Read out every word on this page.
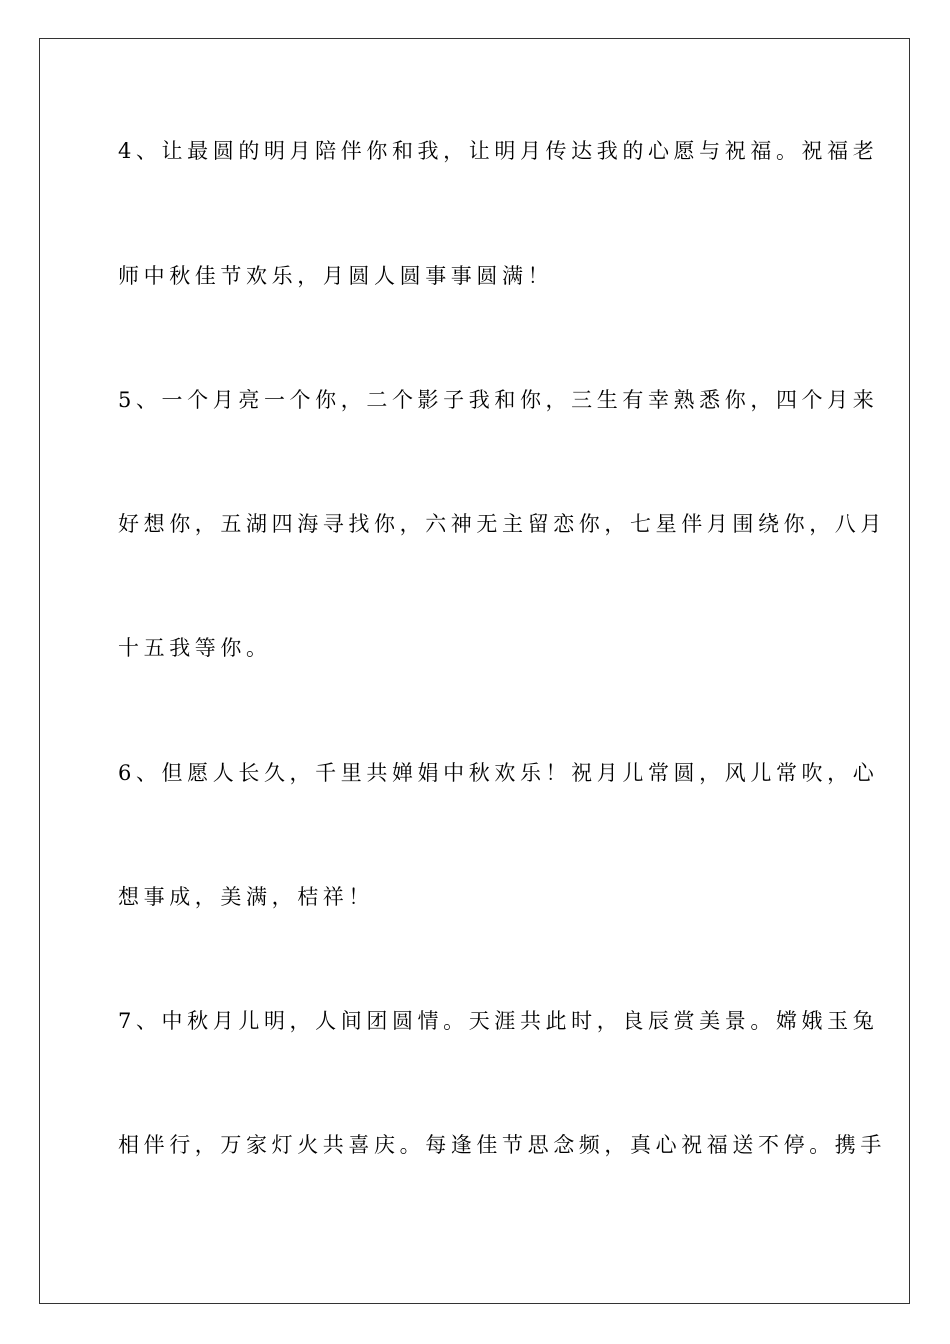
4、让最圆的明月陪伴你和我，让明月传达我的心愿与祝福。祝福老

师中秋佳节欢乐，月圆人圆事事圆满！

5、一个月亮一个你，二个影子我和你，三生有幸熟悉你，四个月来

好想你，五湖四海寻找你，六神无主留恋你，七星伴月围绕你，八月

十五我等你。

6、但愿人长久，千里共婵娟中秋欢乐！祝月儿常圆，风儿常吹，心

想事成，美满，桔祥！

7、中秋月儿明，人间团圆情。天涯共此时，良辰赏美景。嫦娥玉兔

相伴行，万家灯火共喜庆。每逢佳节思念频，真心祝福送不停。携手
